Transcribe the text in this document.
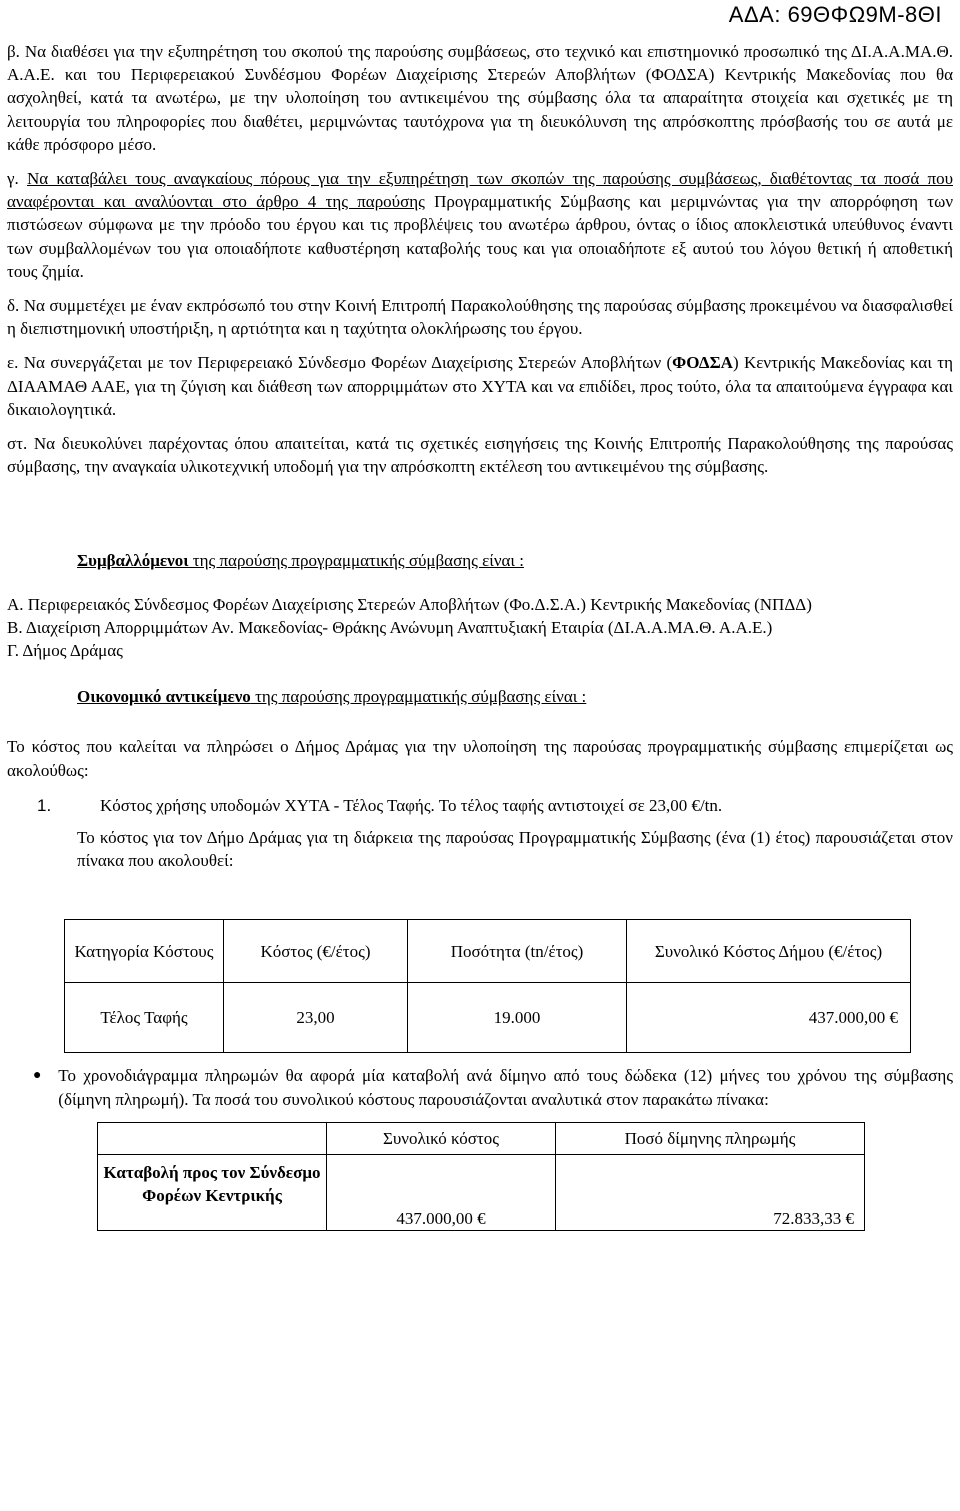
ΑΔΑ: 69ΘΦΩ9Μ-8ΘΙ

β. Να διαθέσει για την εξυπηρέτηση του σκοπού της παρούσης συμβάσεως, στο τεχνικό και επιστημονικό προσωπικό της ΔΙ.Α.Α.ΜΑ.Θ. Α.Α.Ε. και του Περιφερειακού Συνδέσμου Φορέων Διαχείρισης Στερεών Αποβλήτων (ΦΟΔΣΑ) Κεντρικής Μακεδονίας που θα ασχοληθεί, κατά τα ανωτέρω, με την υλοποίηση του αντικειμένου της σύμβασης όλα τα απαραίτητα στοιχεία και σχετικές με τη λειτουργία του πληροφορίες που διαθέτει, μεριμνώντας ταυτόχρονα για τη διευκόλυνση της απρόσκοπτης πρόσβασής του σε αυτά με κάθε πρόσφορο μέσο.

γ. Να καταβάλει τους αναγκαίους πόρους για την εξυπηρέτηση των σκοπών της παρούσης συμβάσεως, διαθέτοντας τα ποσά που αναφέρονται και αναλύονται στο άρθρο 4 της παρούσης Προγραμματικής Σύμβασης και μεριμνώντας για την απορρόφηση των πιστώσεων σύμφωνα με την πρόοδο του έργου και τις προβλέψεις του ανωτέρω άρθρου, όντας ο ίδιος αποκλειστικά υπεύθυνος έναντι των συμβαλλομένων του για οποιαδήποτε καθυστέρηση καταβολής τους και για οποιαδήποτε εξ αυτού του λόγου θετική ή αποθετική τους ζημία.

δ. Να συμμετέχει με έναν εκπρόσωπό του στην Κοινή Επιτροπή Παρακολούθησης της παρούσας σύμβασης προκειμένου να διασφαλισθεί η διεπιστημονική υποστήριξη, η αρτιότητα και η ταχύτητα ολοκλήρωσης του έργου.

ε. Να συνεργάζεται με τον Περιφερειακό Σύνδεσμο Φορέων Διαχείρισης Στερεών Αποβλήτων (ΦΟΔΣΑ) Κεντρικής Μακεδονίας και τη ΔΙΑΑΜΑΘ ΑΑΕ, για τη ζύγιση και διάθεση των απορριμμάτων στο ΧΥΤΑ και να επιδίδει, προς τούτο, όλα τα απαιτούμενα έγγραφα και δικαιολογητικά.

στ. Να διευκολύνει παρέχοντας όπου απαιτείται, κατά τις σχετικές εισηγήσεις της Κοινής Επιτροπής Παρακολούθησης της παρούσας σύμβασης, την αναγκαία υλικοτεχνική υποδομή για την απρόσκοπτη εκτέλεση του αντικειμένου της σύμβασης.

Συμβαλλόμενοι της παρούσης προγραμματικής σύμβασης είναι :

Α. Περιφερειακός Σύνδεσμος Φορέων Διαχείρισης Στερεών Αποβλήτων (Φο.Δ.Σ.Α.) Κεντρικής Μακεδονίας (ΝΠΔΔ)

Β. Διαχείριση Απορριμμάτων Αν. Μακεδονίας- Θράκης Ανώνυμη Αναπτυξιακή Εταιρία (ΔΙ.Α.Α.ΜΑ.Θ. Α.Α.Ε.)

Γ. Δήμος Δράμας

Οικονομικό αντικείμενο της παρούσης προγραμματικής σύμβασης είναι :

Το κόστος που καλείται να πληρώσει ο Δήμος Δράμας για την υλοποίηση της παρούσας προγραμματικής σύμβασης επιμερίζεται ως ακολούθως:

1.	Κόστος χρήσης υποδομών ΧΥΤΑ - Τέλος Ταφής. Το τέλος ταφής αντιστοιχεί σε 23,00 €/tn.

Το κόστος για τον Δήμο Δράμας για τη διάρκεια της παρούσας Προγραμματικής Σύμβασης (ένα (1) έτος) παρουσιάζεται στον πίνακα που ακολουθεί:

Κατηγορία Κόστους	Κόστος (€/έτος)	Ποσότητα (tn/έτος)	Συνολικό Κόστος Δήμου (€/έτος)
Τέλος Ταφής	23,00	19.000	437.000,00 €
● Το χρονοδιάγραμμα πληρωμών θα αφορά μία καταβολή ανά δίμηνο από τους δώδεκα (12) μήνες του χρόνου της σύμβασης (δίμηνη πληρωμή). Τα ποσά του συνολικού κόστους παρουσιάζονται αναλυτικά στον παρακάτω πίνακα:

	Συνολικό κόστος	Ποσό δίμηνης πληρωμής
Καταβολή προς τον Σύνδεσμο Φορέων Κεντρικής	437.000,00 €	72.833,33 €
